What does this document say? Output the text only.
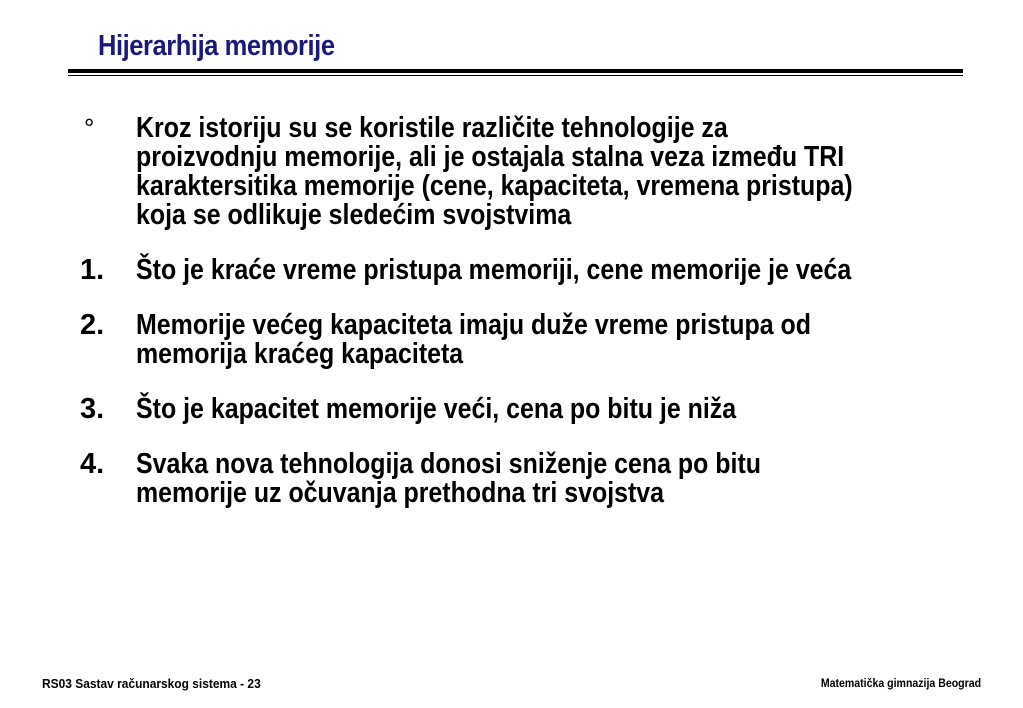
Hijerarhija memorije
°	Kroz istoriju su se koristile različite tehnologije za
proizvodnju memorije, ali je ostajala stalna veza između TRI
karaktersitika memorije (cene, kapaciteta, vremena pristupa)
koja se odlikuje sledećim svojstvima
1.	Što je kraće vreme pristupa memoriji, cene memorije je veća
2.	Memorije većeg kapaciteta imaju duže vreme pristupa od
memorija kraćeg kapaciteta
3.	Što je kapacitet memorije veći, cena po bitu je niža
4.	Svaka nova tehnologija donosi sniženje cena po bitu
memorije uz očuvanja prethodna tri svojstva
RS03 Sastav računarskog sistema - 23	Matematička gimnazija Beograd
